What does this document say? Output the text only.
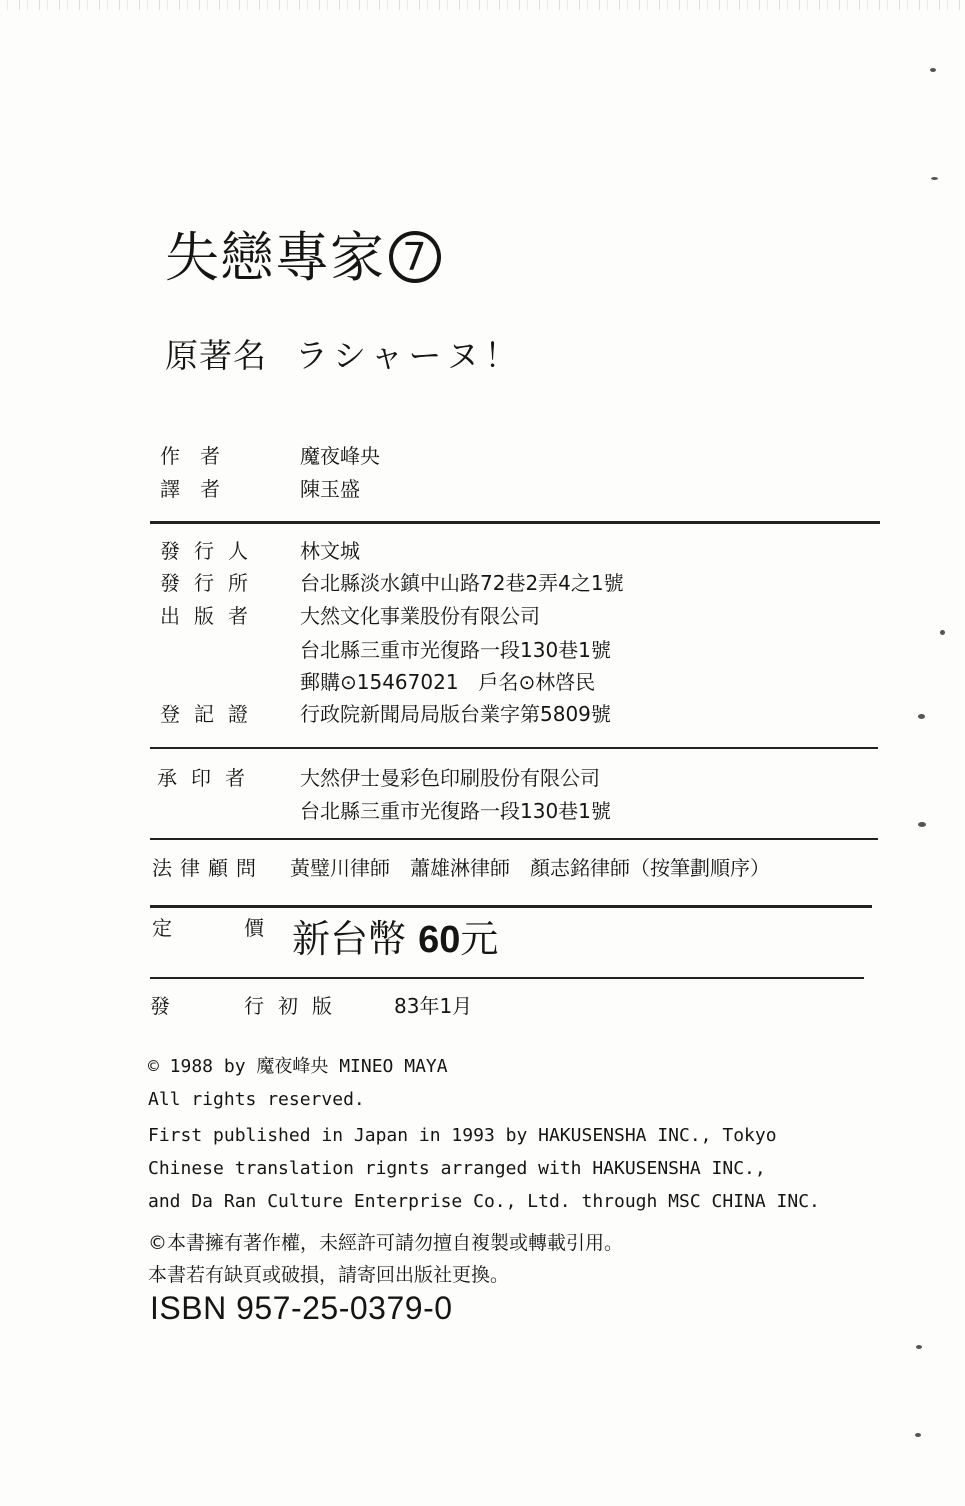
失戀專家 7
原著名 ラシャーヌ！
作　者	魔夜峰央
譯　者	陳玉盛
發行人 林文城
發行所 台北縣淡水鎮中山路72巷2弄4之1號
出版者 大然文化事業股份有限公司
台北縣三重市光復路一段130巷1號
郵購⊙15467021　戶名⊙林啓民
登記證 行政院新聞局局版台業字第5809號
承印者 大然伊士曼彩色印刷股份有限公司
台北縣三重市光復路一段130巷1號
法律顧問 黃璧川律師　蕭雄淋律師　顏志銘律師（按筆劃順序）
定	價 新台幣 60元
發	行初版 83年1月
© 1988 by 魔夜峰央 MINEO MAYA
All rights reserved.
First published in Japan in 1993 by HAKUSENSHA INC., Tokyo
Chinese translation rignts arranged with HAKUSENSHA INC.,
and Da Ran Culture Enterprise Co., Ltd. through MSC CHINA INC.
©本書擁有著作權，未經許可請勿擅自複製或轉載引用。
本書若有缺頁或破損，請寄回出版社更換。
ISBN 957-25-0379-0
